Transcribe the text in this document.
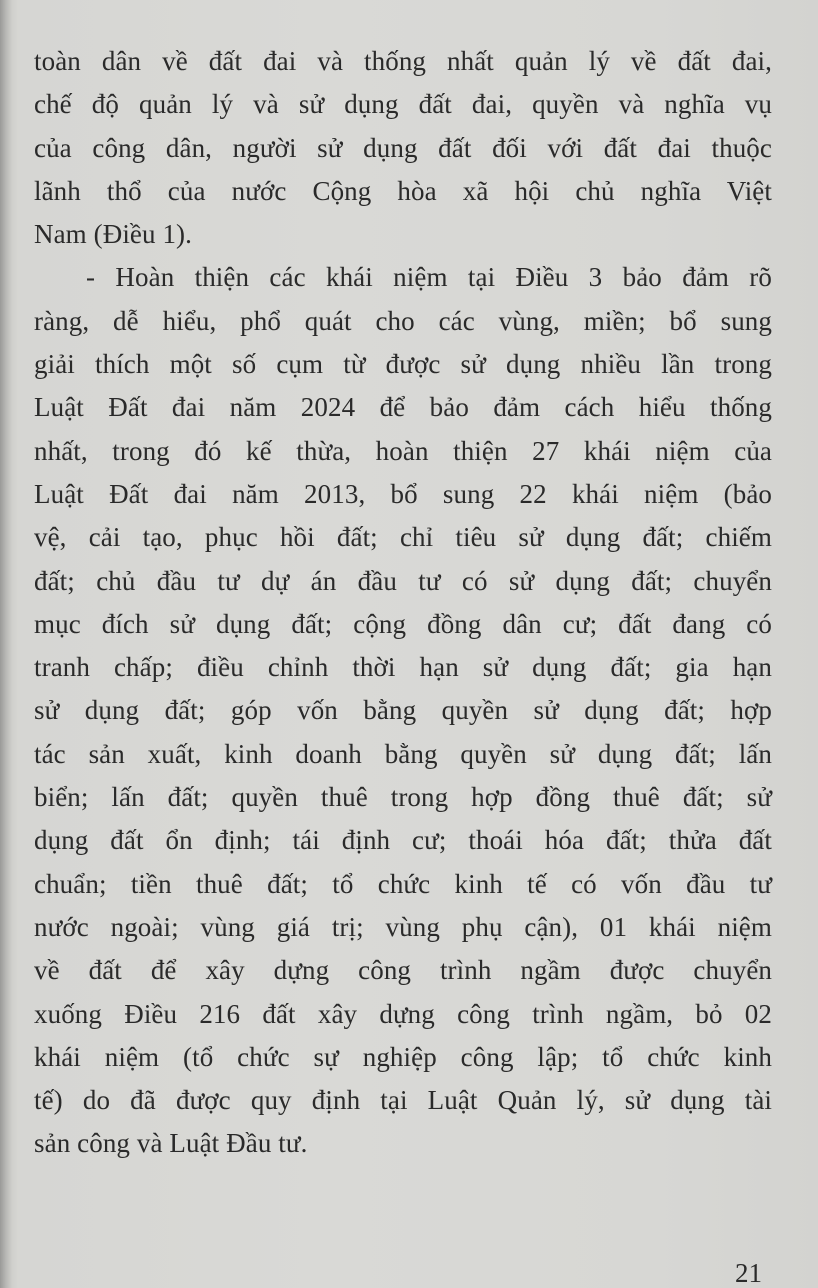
toàn dân về đất đai và thống nhất quản lý về đất đai,
chế độ quản lý và sử dụng đất đai, quyền và nghĩa vụ
của công dân, người sử dụng đất đối với đất đai thuộc
lãnh thổ của nước Cộng hòa xã hội chủ nghĩa Việt
Nam (Điều 1).
- Hoàn thiện các khái niệm tại Điều 3 bảo đảm rõ
ràng, dễ hiểu, phổ quát cho các vùng, miền; bổ sung
giải thích một số cụm từ được sử dụng nhiều lần trong
Luật Đất đai năm 2024 để bảo đảm cách hiểu thống
nhất, trong đó kế thừa, hoàn thiện 27 khái niệm của
Luật Đất đai năm 2013, bổ sung 22 khái niệm (bảo
vệ, cải tạo, phục hồi đất; chỉ tiêu sử dụng đất; chiếm
đất; chủ đầu tư dự án đầu tư có sử dụng đất; chuyển
mục đích sử dụng đất; cộng đồng dân cư; đất đang có
tranh chấp; điều chỉnh thời hạn sử dụng đất; gia hạn
sử dụng đất; góp vốn bằng quyền sử dụng đất; hợp
tác sản xuất, kinh doanh bằng quyền sử dụng đất; lấn
biển; lấn đất; quyền thuê trong hợp đồng thuê đất; sử
dụng đất ổn định; tái định cư; thoái hóa đất; thửa đất
chuẩn; tiền thuê đất; tổ chức kinh tế có vốn đầu tư
nước ngoài; vùng giá trị; vùng phụ cận), 01 khái niệm
về đất để xây dựng công trình ngầm được chuyển
xuống Điều 216 đất xây dựng công trình ngầm, bỏ 02
khái niệm (tổ chức sự nghiệp công lập; tổ chức kinh
tế) do đã được quy định tại Luật Quản lý, sử dụng tài
sản công và Luật Đầu tư.
21
